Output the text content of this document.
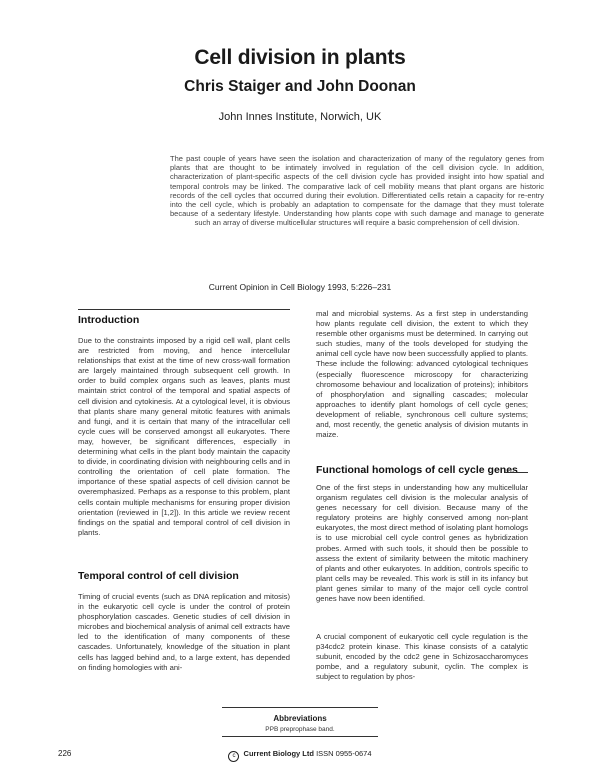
Cell division in plants
Chris Staiger and John Doonan
John Innes Institute, Norwich, UK
The past couple of years have seen the isolation and characterization of many of the regulatory genes from plants that are thought to be intimately involved in regulation of the cell division cycle. In addition, characterization of plant-specific aspects of the cell division cycle has provided insight into how spatial and temporal controls may be linked. The comparative lack of cell mobility means that plant organs are historic records of the cell cycles that occurred during their evolution. Differentiated cells retain a capacity for re-entry into the cell cycle, which is probably an adaptation to compensate for the damage that they must tolerate because of a sedentary lifestyle. Understanding how plants cope with such damage and manage to generate such an array of diverse multicellular structures will require a basic comprehension of cell division.
Current Opinion in Cell Biology 1993, 5:226–231
Introduction

Due to the constraints imposed by a rigid cell wall, plant cells are restricted from moving, and hence intercellular relationships that exist at the time of new cross-wall formation are largely maintained through subsequent cell growth. In order to build complex organs such as leaves, plants must maintain strict control of the temporal and spatial aspects of cell division and cytokinesis. At a cytological level, it is obvious that plants share many general mitotic features with animals and fungi, and it is certain that many of the intracellular cell cycle cues will be conserved amongst all eukaryotes. There may, however, be significant differences, especially in determining what cells in the plant body maintain the capacity to divide, in coordinating division with neighbouring cells and in controlling the orientation of cell plate formation. The importance of these spatial aspects of cell division cannot be overemphasized. Perhaps as a response to this problem, plant cells contain multiple mechanisms for ensuring proper division orientation (reviewed in [1,2]). In this article we review recent findings on the spatial and temporal control of cell division in plants.

Temporal control of cell division

Timing of crucial events (such as DNA replication and mitosis) in the eukaryotic cell cycle is under the control of protein phosphorylation cascades. Genetic studies of cell division in microbes and biochemical analysis of animal cell extracts have led to the identification of many components of these cascades. Unfortunately, knowledge of the situation in plant cells has lagged behind and, to a large extent, has depended on finding homologies with ani-

mal and microbial systems. As a first step in understanding how plants regulate cell division, the extent to which they resemble other organisms must be determined. In carrying out such studies, many of the tools developed for studying the animal cell cycle have now been successfully applied to plants. These include the following: advanced cytological techniques (especially fluorescence microscopy for characterizing chromosome behaviour and localization of proteins); inhibitors of phosphorylation and signalling cascades; molecular approaches to identify plant homologs of cell cycle genes; development of reliable, synchronous cell culture systems; and, most recently, the genetic analysis of division mutants in maize.

Functional homologs of cell cycle genes

One of the first steps in understanding how any multicellular organism regulates cell division is the molecular analysis of genes necessary for cell division. Because many of the regulatory proteins are highly conserved among non-plant eukaryotes, the most direct method of isolating plant homologs is to use microbial cell cycle control genes as hybridization probes. Armed with such tools, it should then be possible to assess the extent of similarity between the mitotic machinery of plants and other eukaryotes. In addition, controls specific to plant cells may be revealed. This work is still in its infancy but plant genes similar to many of the major cell cycle control genes have now been identified.

A crucial component of eukaryotic cell cycle regulation is the p34cdc2 protein kinase. This kinase consists of a catalytic subunit, encoded by the cdc2 gene in Schizosaccharomyces pombe, and a regulatory subunit, cyclin. The complex is subject to regulation by phos-

Abbreviations
PPB preprophase band.
226	c Current Biology Ltd ISSN 0955-0674
